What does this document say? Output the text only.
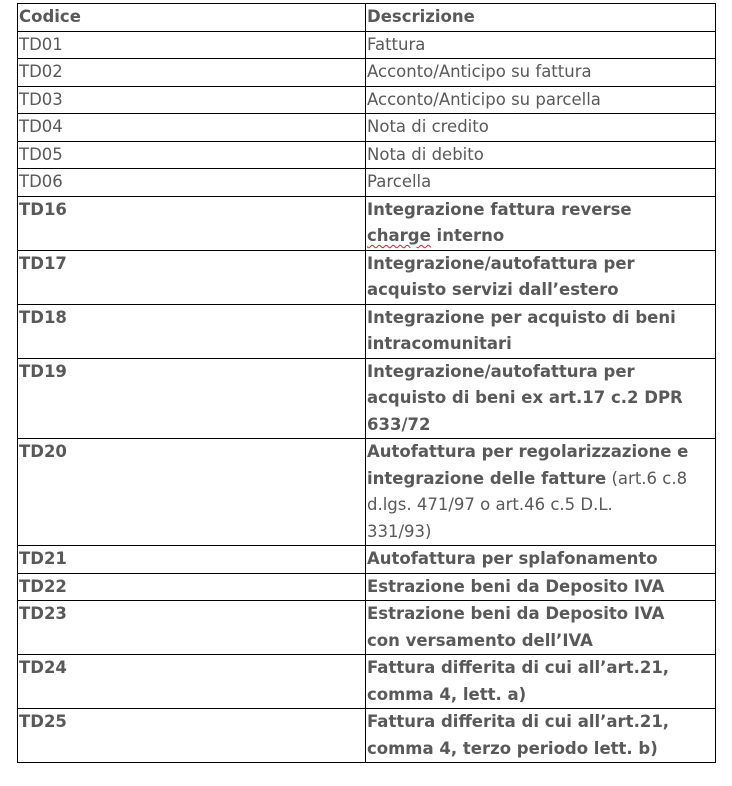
Codice	Descrizione
TD01	Fattura
TD02	Acconto/Anticipo su fattura
TD03	Acconto/Anticipo su parcella
TD04	Nota di credito
TD05	Nota di debito
TD06	Parcella
TD16	Integrazione fattura reverse
charge interno
TD17	Integrazione/autofattura per
acquisto servizi dall’estero
TD18	Integrazione per acquisto di beni
intracomunitari
TD19	Integrazione/autofattura per
acquisto di beni ex art.17 c.2 DPR
633/72
TD20	Autofattura per regolarizzazione e
integrazione delle fatture (art.6 c.8
d.lgs. 471/97 o art.46 c.5 D.L.
331/93)
TD21	Autofattura per splafonamento
TD22	Estrazione beni da Deposito IVA
TD23	Estrazione beni da Deposito IVA
con versamento dell’IVA
TD24	Fattura differita di cui all’art.21,
comma 4, lett. a)
TD25	Fattura differita di cui all’art.21,
comma 4, terzo periodo lett. b)
